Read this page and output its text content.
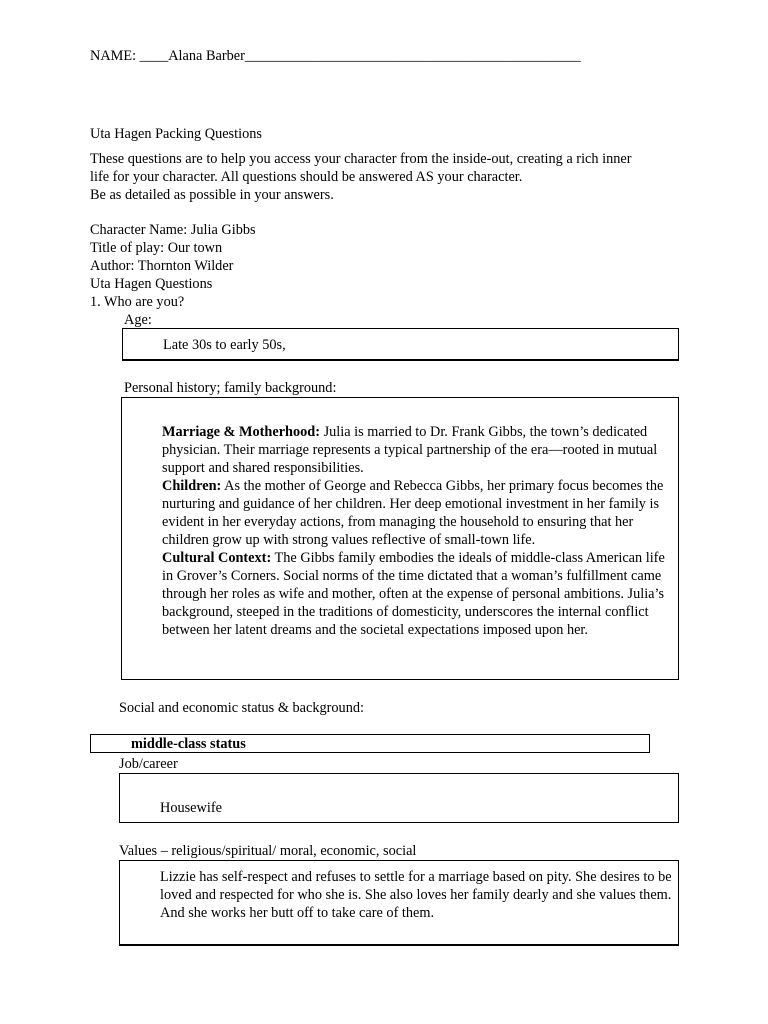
NAME: ____Alana Barber_______________________________________________
Uta Hagen Packing Questions

These questions are to help you access your character from the inside-out, creating a rich inner

life for your character. All questions should be answered AS your character.

Be as detailed as possible in your answers.

Character Name: Julia Gibbs

Title of play: Our town

Author: Thornton Wilder

Uta Hagen Questions

1. Who are you?

Age:
Late 30s to early 50s,
Personal history; family background:

Marriage & Motherhood: Julia is married to Dr. Frank Gibbs, the town’s dedicated physician. Their marriage represents a typical partnership of the era—rooted in mutual support and shared responsibilities.

Children: As the mother of George and Rebecca Gibbs, her primary focus becomes the nurturing and guidance of her children. Her deep emotional investment in her family is evident in her everyday actions, from managing the household to ensuring that her children grow up with strong values reflective of small-town life.

Cultural Context: The Gibbs family embodies the ideals of middle-class American life in Grover’s Corners. Social norms of the time dictated that a woman’s fulfillment came through her roles as wife and mother, often at the expense of personal ambitions. Julia’s background, steeped in the traditions of domesticity, underscores the internal conflict between her latent dreams and the societal expectations imposed upon her.

Social and economic status & background:
middle-class status
Job/career
Housewife
Values – religious/spiritual/ moral, economic, social
Lizzie has self-respect and refuses to settle for a marriage based on pity. She desires to be loved and respected for who she is. She also loves her family dearly and she values them. And she works her butt off to take care of them.
